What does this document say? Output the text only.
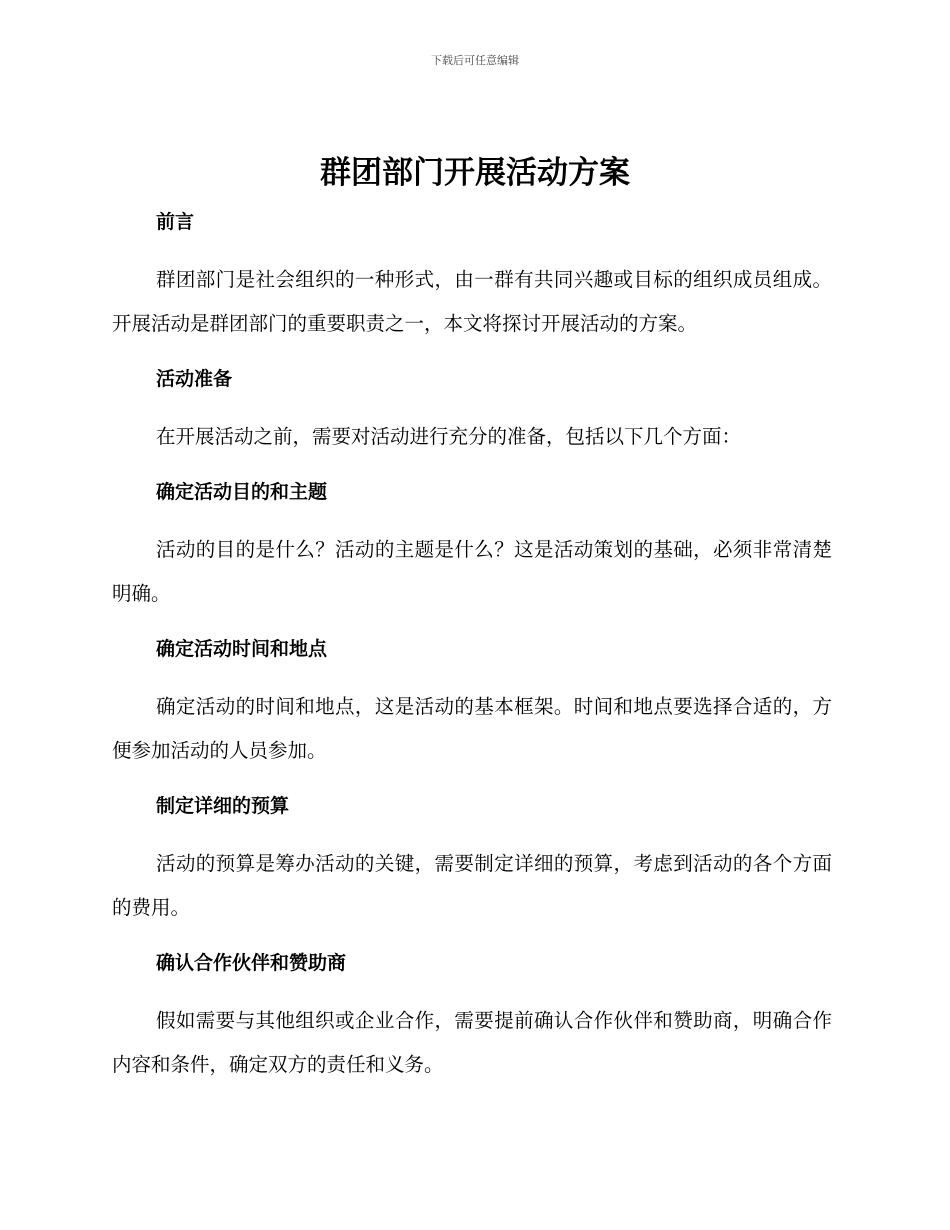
下载后可任意编辑
群团部门开展活动方案
前言

群团部门是社会组织的一种形式，由一群有共同兴趣或目标的组织成员组成。开展活动是群团部门的重要职责之一，本文将探讨开展活动的方案。

活动准备

在开展活动之前，需要对活动进行充分的准备，包括以下几个方面：

确定活动目的和主题

活动的目的是什么？活动的主题是什么？这是活动策划的基础，必须非常清楚明确。

确定活动时间和地点

确定活动的时间和地点，这是活动的基本框架。时间和地点要选择合适的，方便参加活动的人员参加。

制定详细的预算

活动的预算是筹办活动的关键，需要制定详细的预算，考虑到活动的各个方面的费用。

确认合作伙伴和赞助商

假如需要与其他组织或企业合作，需要提前确认合作伙伴和赞助商，明确合作内容和条件，确定双方的责任和义务。
